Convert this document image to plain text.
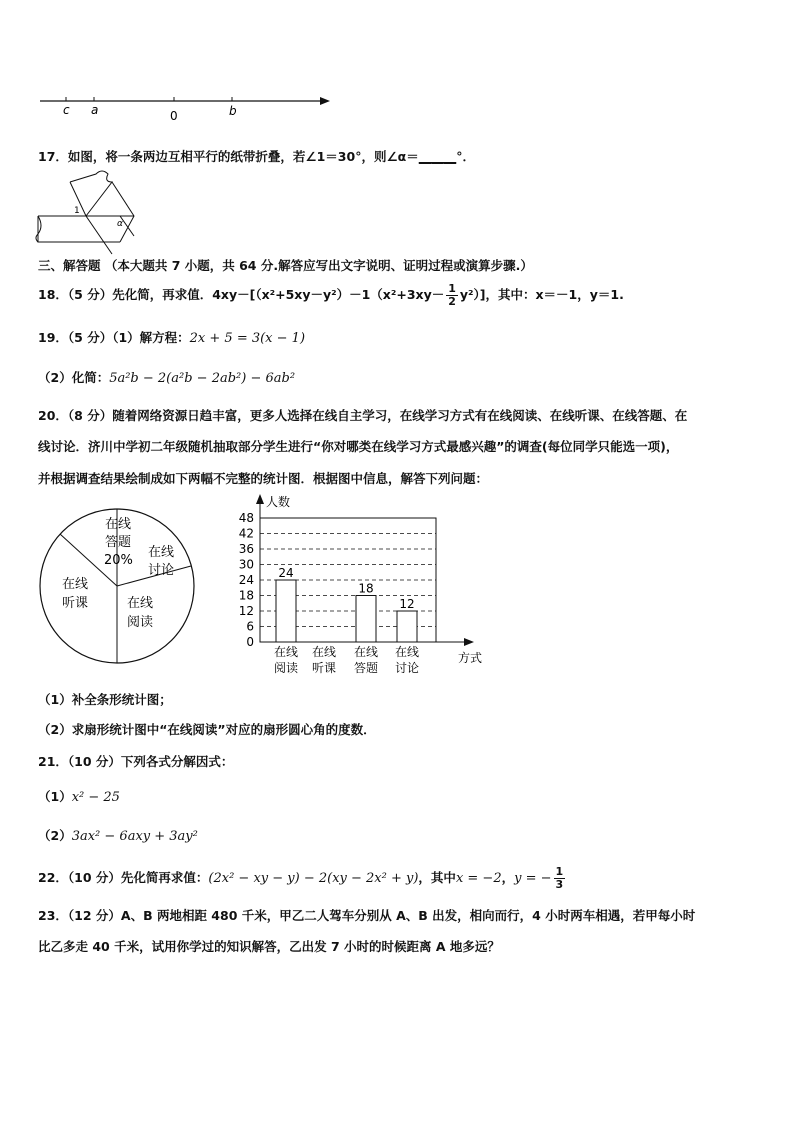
c a	0	b
17．如图，将一条两边互相平行的纸带折叠，若∠1＝30°，则∠α＝______°．
1
α
三、解答题 （本大题共 7 小题，共 64 分.解答应写出文字说明、证明过程或演算步骤.）
18．（5 分）先化简，再求值．$4xy-[(x^2+5xy-y^2)-1(x^2+3xy- \frac{1}{2} y^2)]$，其中：x＝－1，y＝1.
19．（5 分）（1）解方程：2x + 5 = 3(x − 1)
（2）化简：5a²b − 2(a²b − 2ab²) − 6ab²
20．（8 分）随着网络资源日趋丰富，更多人选择在线自主学习，在线学习方式有在线阅读、在线听课、在线答题、在
线讨论．济川中学初二年级随机抽取部分学生进行“你对哪类在线学习方式最感兴趣”的调查(每位同学只能选一项)，
并根据调查结果绘制成如下两幅不完整的统计图．根据图中信息，解答下列问题：
在线
答题
20%
在线
讨论
在线
阅读
在线
听课
0
6
12
18
24
30
36
42
48
人数
方式
在线
阅读
24
在线
听课
在线
答题
18
在线
讨论
12
（1）补全条形统计图；
（2）求扇形统计图中“在线阅读”对应的扇形圆心角的度数．
21．（10 分）下列各式分解因式：
（1）x² − 25
（2）3ax² − 6axy + 3ay²
22．（10 分）先化简再求值：(2x² − xy − y) − 2(xy − 2x² + y)，其中x = −2，y = − $\frac{1}{3}$
23．（12 分）A、B 两地相距 480 千米，甲乙二人驾车分别从 A、B 出发，相向而行，4 小时两车相遇，若甲每小时
比乙多走 40 千米，试用你学过的知识解答，乙出发 7 小时的时候距离 A 地多远？
